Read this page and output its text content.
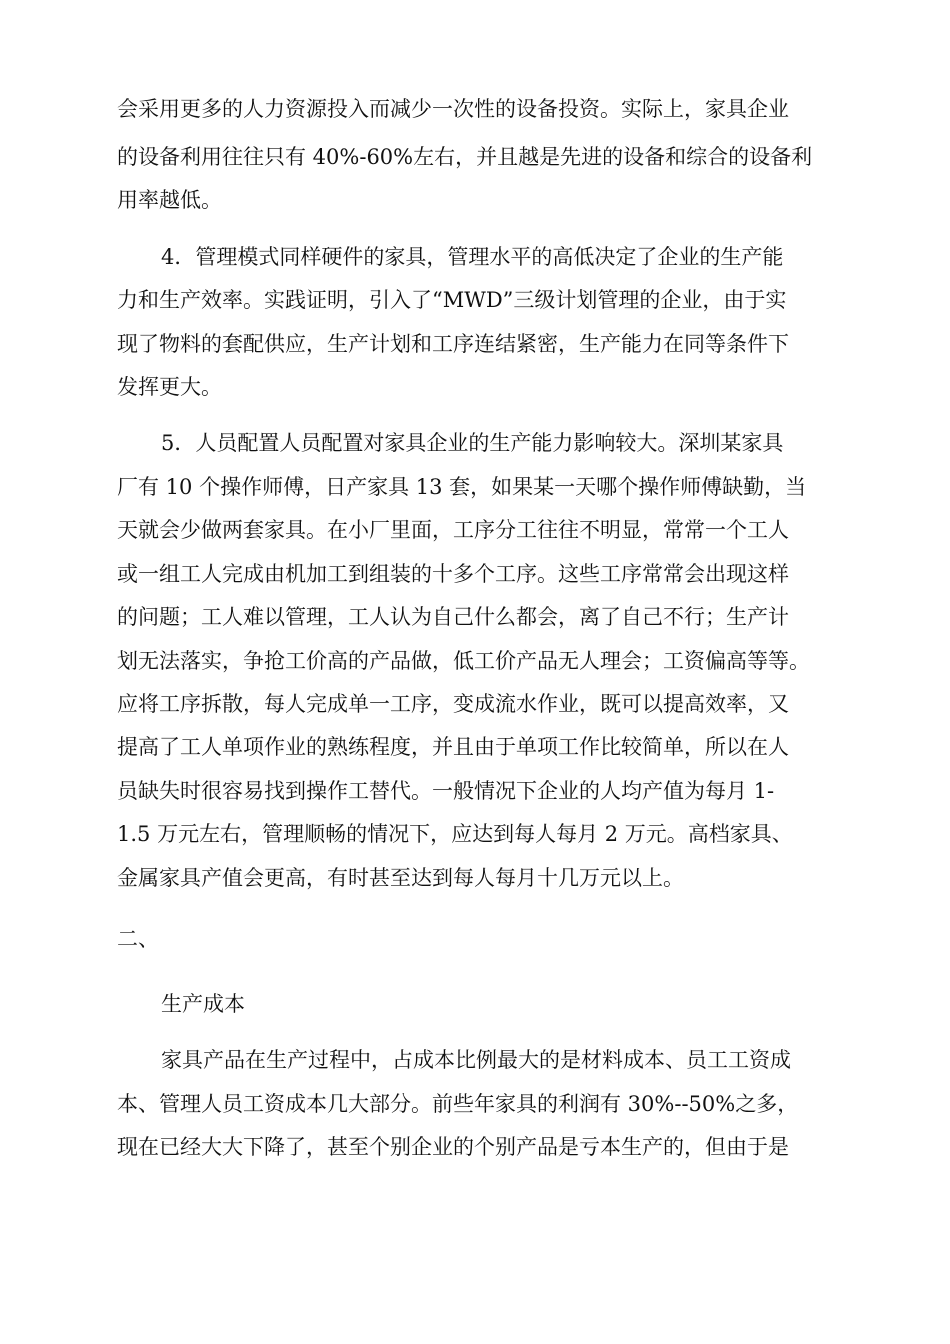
会采用更多的人力资源投入而减少一次性的设备投资。实际上，家具企业
的设备利用往往只有 40%-60%左右，并且越是先进的设备和综合的设备利
用率越低。
4．管理模式同样硬件的家具，管理水平的高低决定了企业的生产能
力和生产效率。实践证明，引入了“MWD”三级计划管理的企业，由于实
现了物料的套配供应，生产计划和工序连结紧密，生产能力在同等条件下
发挥更大。
5．人员配置人员配置对家具企业的生产能力影响较大。深圳某家具
厂有 10 个操作师傅，日产家具 13 套，如果某一天哪个操作师傅缺勤，当
天就会少做两套家具。在小厂里面，工序分工往往不明显，常常一个工人
或一组工人完成由机加工到组装的十多个工序。这些工序常常会出现这样
的问题；工人难以管理，工人认为自己什么都会，离了自己不行；生产计
划无法落实，争抢工价高的产品做，低工价产品无人理会；工资偏高等等。
应将工序拆散，每人完成单一工序，变成流水作业，既可以提高效率，又
提高了工人单项作业的熟练程度，并且由于单项工作比较简单，所以在人
员缺失时很容易找到操作工替代。一般情况下企业的人均产值为每月 1-
1.5 万元左右，管理顺畅的情况下，应达到每人每月 2 万元。高档家具、
金属家具产值会更高，有时甚至达到每人每月十几万元以上。
二、
生产成本
家具产品在生产过程中，占成本比例最大的是材料成本、员工工资成
本、管理人员工资成本几大部分。前些年家具的利润有 30%--50%之多，
现在已经大大下降了，甚至个别企业的个别产品是亏本生产的，但由于是
